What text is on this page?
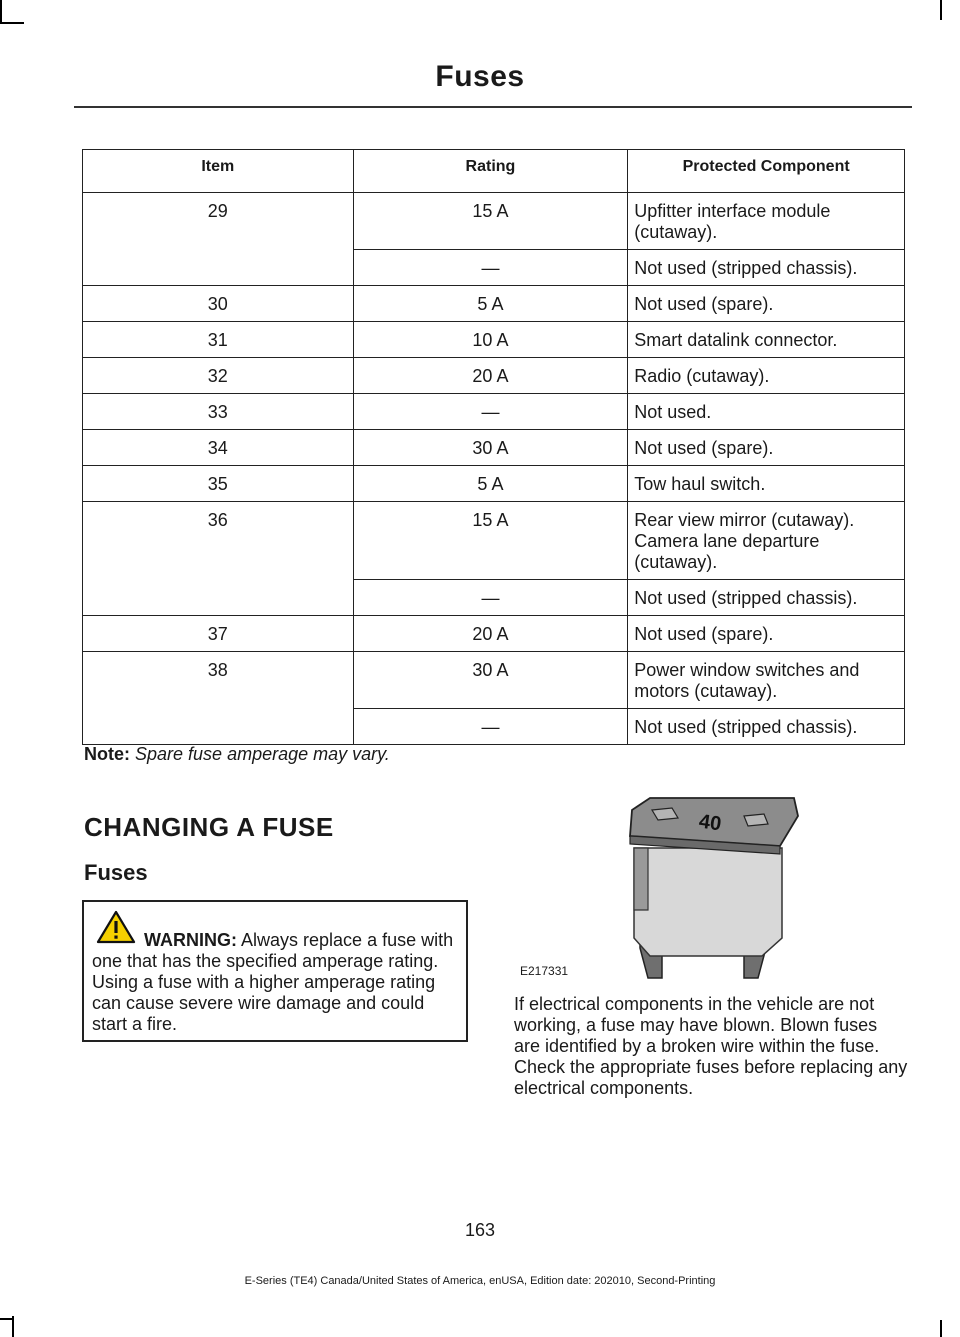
Fuses
Item	Rating	Protected Component
29	15 A	Upfitter interface module (cutaway).
	—	Not used (stripped chassis).
30	5 A	Not used (spare).
31	10 A	Smart datalink connector.
32	20 A	Radio (cutaway).
33	—	Not used.
34	30 A	Not used (spare).
35	5 A	Tow haul switch.
36	15 A	Rear view mirror (cutaway). Camera lane departure (cutaway).
	—	Not used (stripped chassis).
37	20 A	Not used (spare).
38	30 A	Power window switches and motors (cutaway).
	—	Not used (stripped chassis).
Note: Spare fuse amperage may vary.
CHANGING A FUSE
Fuses
WARNING: Always replace a fuse with one that has the specified amperage rating. Using a fuse with a higher amperage rating can cause severe wire damage and could start a fire.
40
E217331
If electrical components in the vehicle are not working, a fuse may have blown. Blown fuses are identified by a broken wire within the fuse. Check the appropriate fuses before replacing any electrical components.
163
E-Series (TE4) Canada/United States of America, enUSA, Edition date: 202010, Second-Printing
